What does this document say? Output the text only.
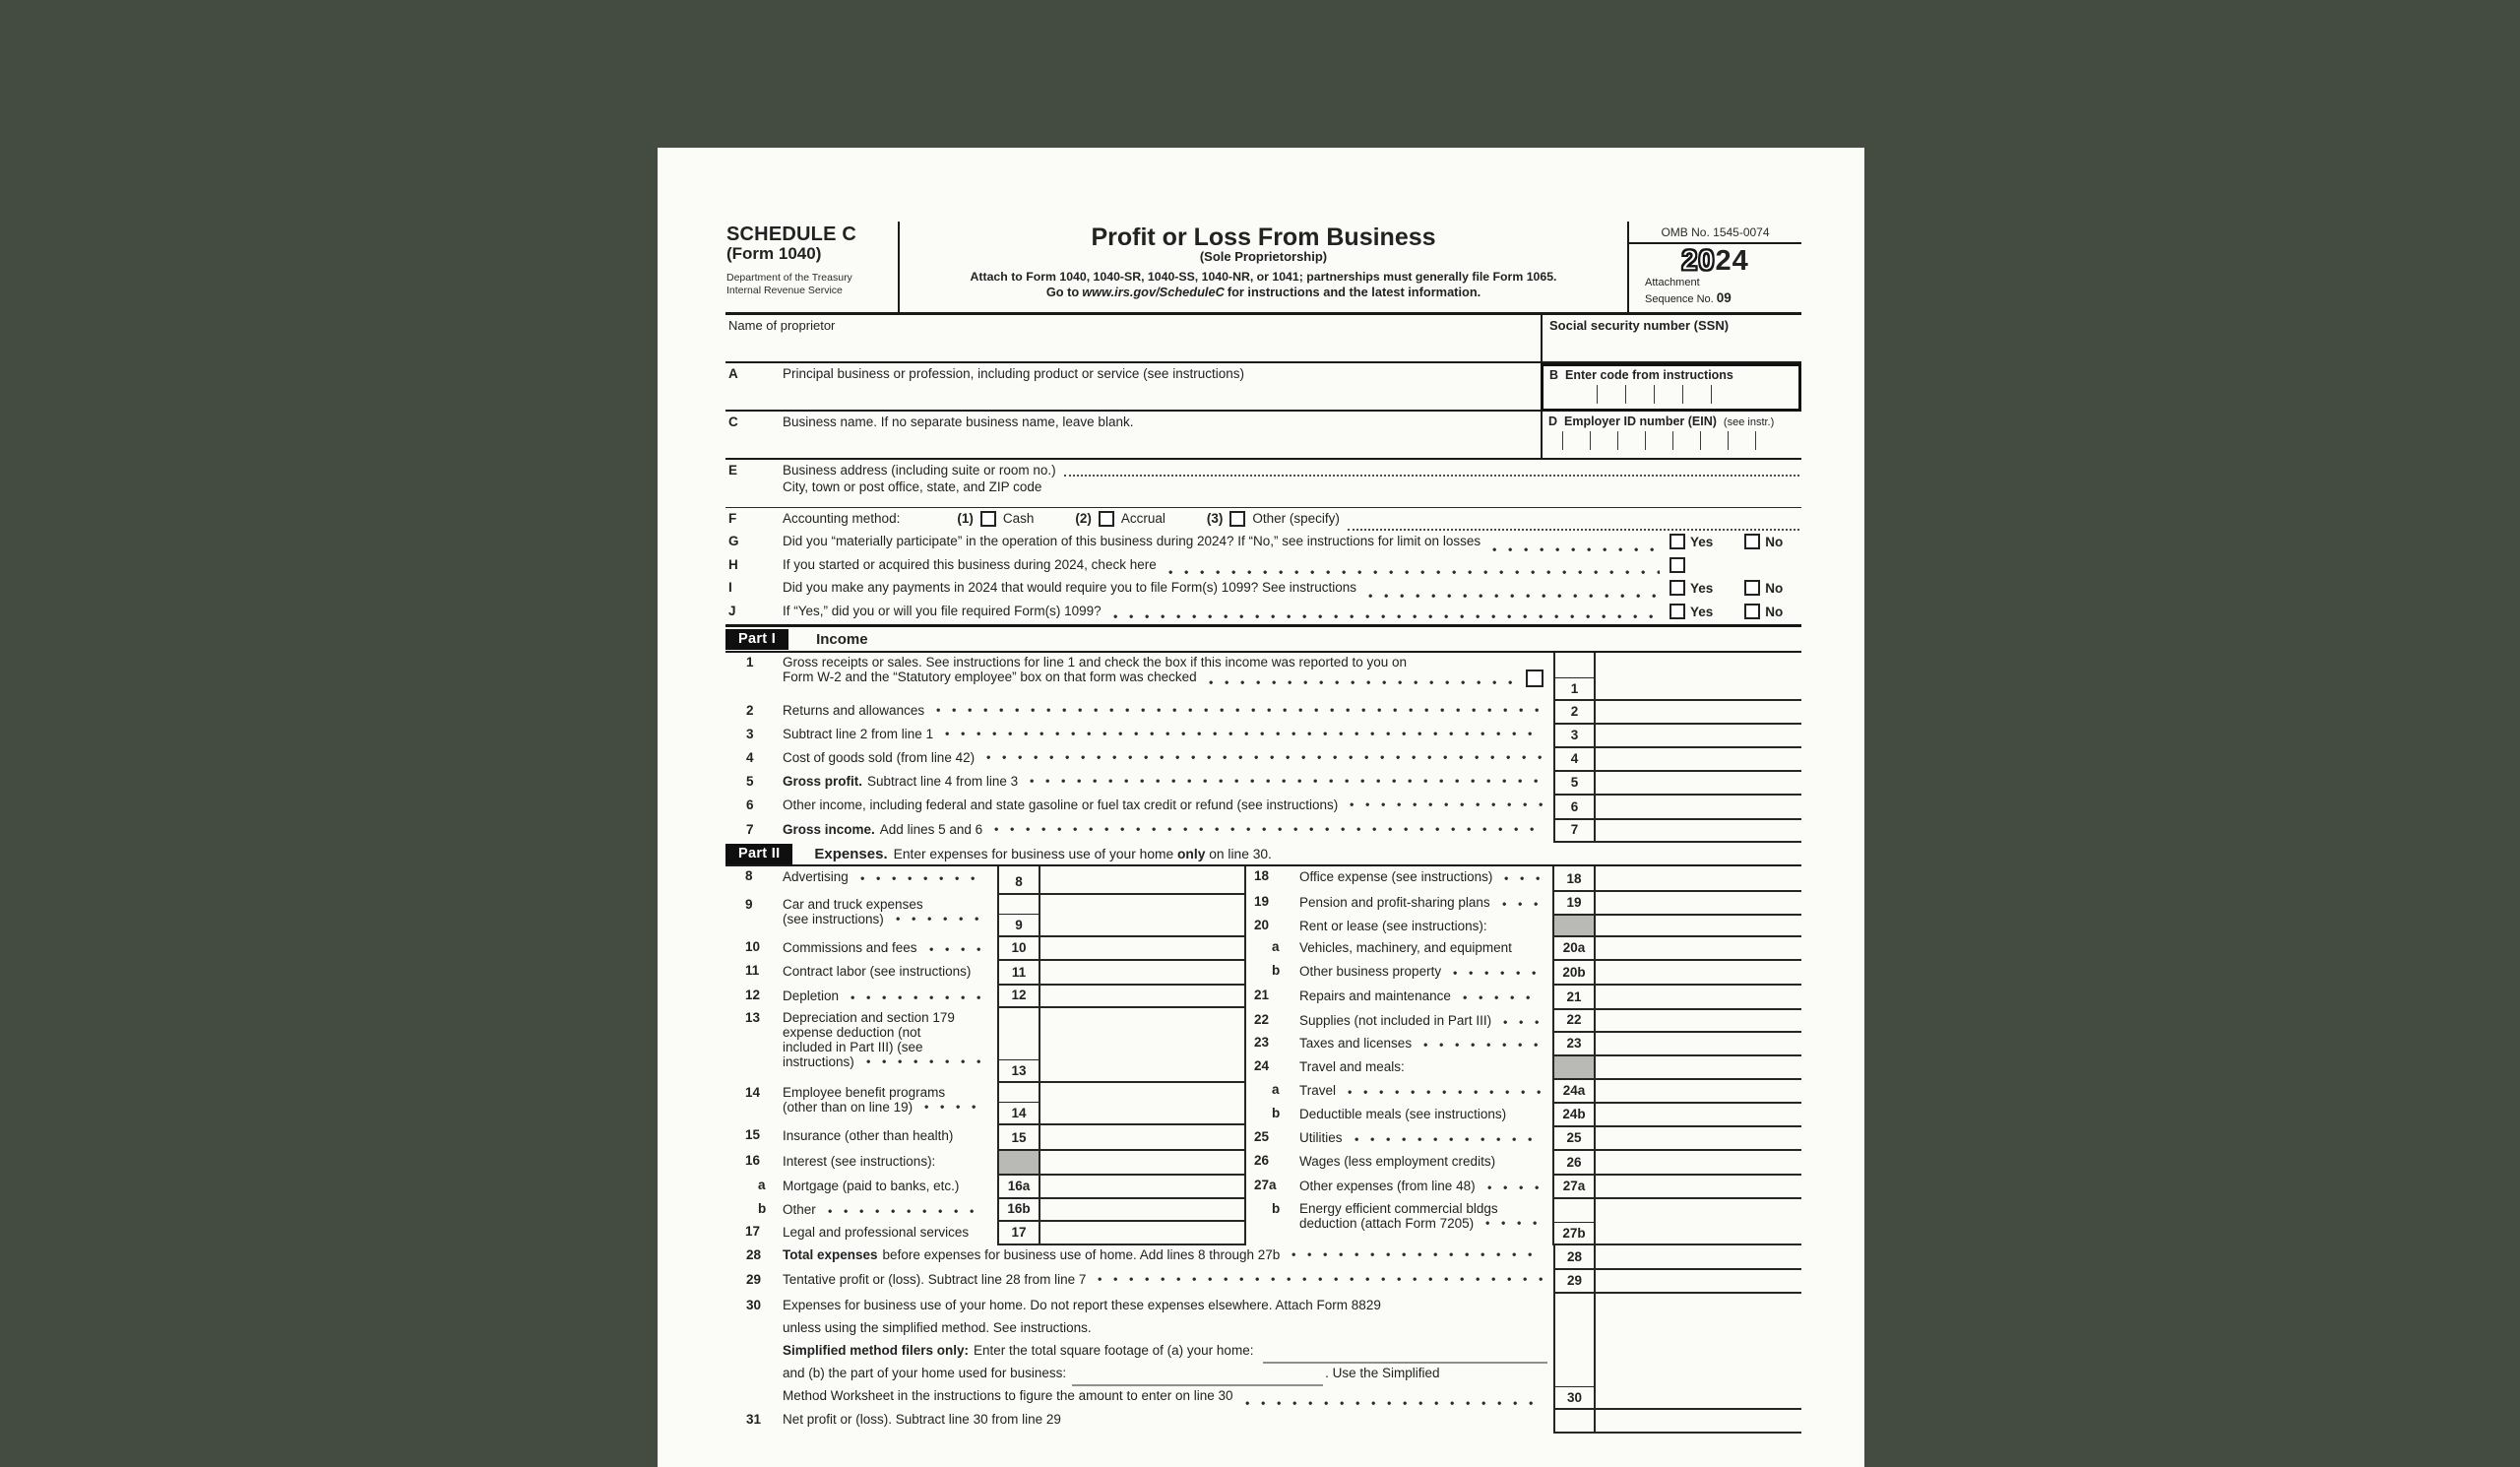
SCHEDULE C
(Form 1040)
Department of the Treasury
Internal Revenue Service
Profit or Loss From Business
(Sole Proprietorship)
Attach to Form 1040, 1040-SR, 1040-SS, 1040-NR, or 1041; partnerships must generally file Form 1065.
Go to www.irs.gov/ScheduleC for instructions and the latest information.
OMB No. 1545-0074
2024
Attachment
Sequence No. 09
Name of proprietor	Social security number (SSN)
A	Principal business or profession, including product or service (see instructions)	B Enter code from instructions
C	Business name. If no separate business name, leave blank.	D Employer ID number (EIN) (see instr.)
E	Business address (including suite or room no.)
City, town or post office, state, and ZIP code
F	Accounting method:	(1) Cash	(2) Accrual	(3) Other (specify)
G	Did you “materially participate” in the operation of this business during 2024? If “No,” see instructions for limit on losses	Yes	No
H	If you started or acquired this business during 2024, check here
I	Did you make any payments in 2024 that would require you to file Form(s) 1099? See instructions	Yes	No
J	If “Yes,” did you or will you file required Form(s) 1099?	Yes	No
Part I	Income
1	Gross receipts or sales. See instructions for line 1 and check the box if this income was reported to you on
Form W-2 and the “Statutory employee” box on that form was checked
1
2	Returns and allowances	2
3	Subtract line 2 from line 1	3
4	Cost of goods sold (from line 42)	4
5	Gross profit. Subtract line 4 from line 3	5
6	Other income, including federal and state gasoline or fuel tax credit or refund (see instructions)	6
7	Gross income. Add lines 5 and 6	7
Part II	Expenses. Enter expenses for business use of your home only on line 30.
8	Advertising	8
9	Car and truck expenses
(see instructions)	9
10	Commissions and fees	10
11	Contract labor (see instructions)	11
12	Depletion	12
13	Depreciation and section 179
expense deduction (not
included in Part III) (see
instructions)
13
14	Employee benefit programs
(other than on line 19)	14
15	Insurance (other than health)	15
16	Interest (see instructions):
a	Mortgage (paid to banks, etc.)	16a
b	Other	16b
17	Legal and professional services	17
18	Office expense (see instructions)	18
19	Pension and profit-sharing plans	19
20	Rent or lease (see instructions):
a	Vehicles, machinery, and equipment	20a
b	Other business property	20b
21	Repairs and maintenance	21
22	Supplies (not included in Part III)	22
23	Taxes and licenses	23
24	Travel and meals:
a	Travel	24a
b	Deductible meals (see instructions)	24b
25	Utilities	25
26	Wages (less employment credits)	26
27a	Other expenses (from line 48)	27a
b	Energy efficient commercial bldgs
deduction (attach Form 7205)
27b
28	Total expenses before expenses for business use of home. Add lines 8 through 27b	28
29	Tentative profit or (loss). Subtract line 28 from line 7	29
30	Expenses for business use of your home. Do not report these expenses elsewhere. Attach Form 8829
unless using the simplified method. See instructions.
Simplified method filers only: Enter the total square footage of (a) your home:
and (b) the part of your home used for business:	. Use the Simplified
Method Worksheet in the instructions to figure the amount to enter on line 30	30
31	Net profit or (loss). Subtract line 30 from line 29
